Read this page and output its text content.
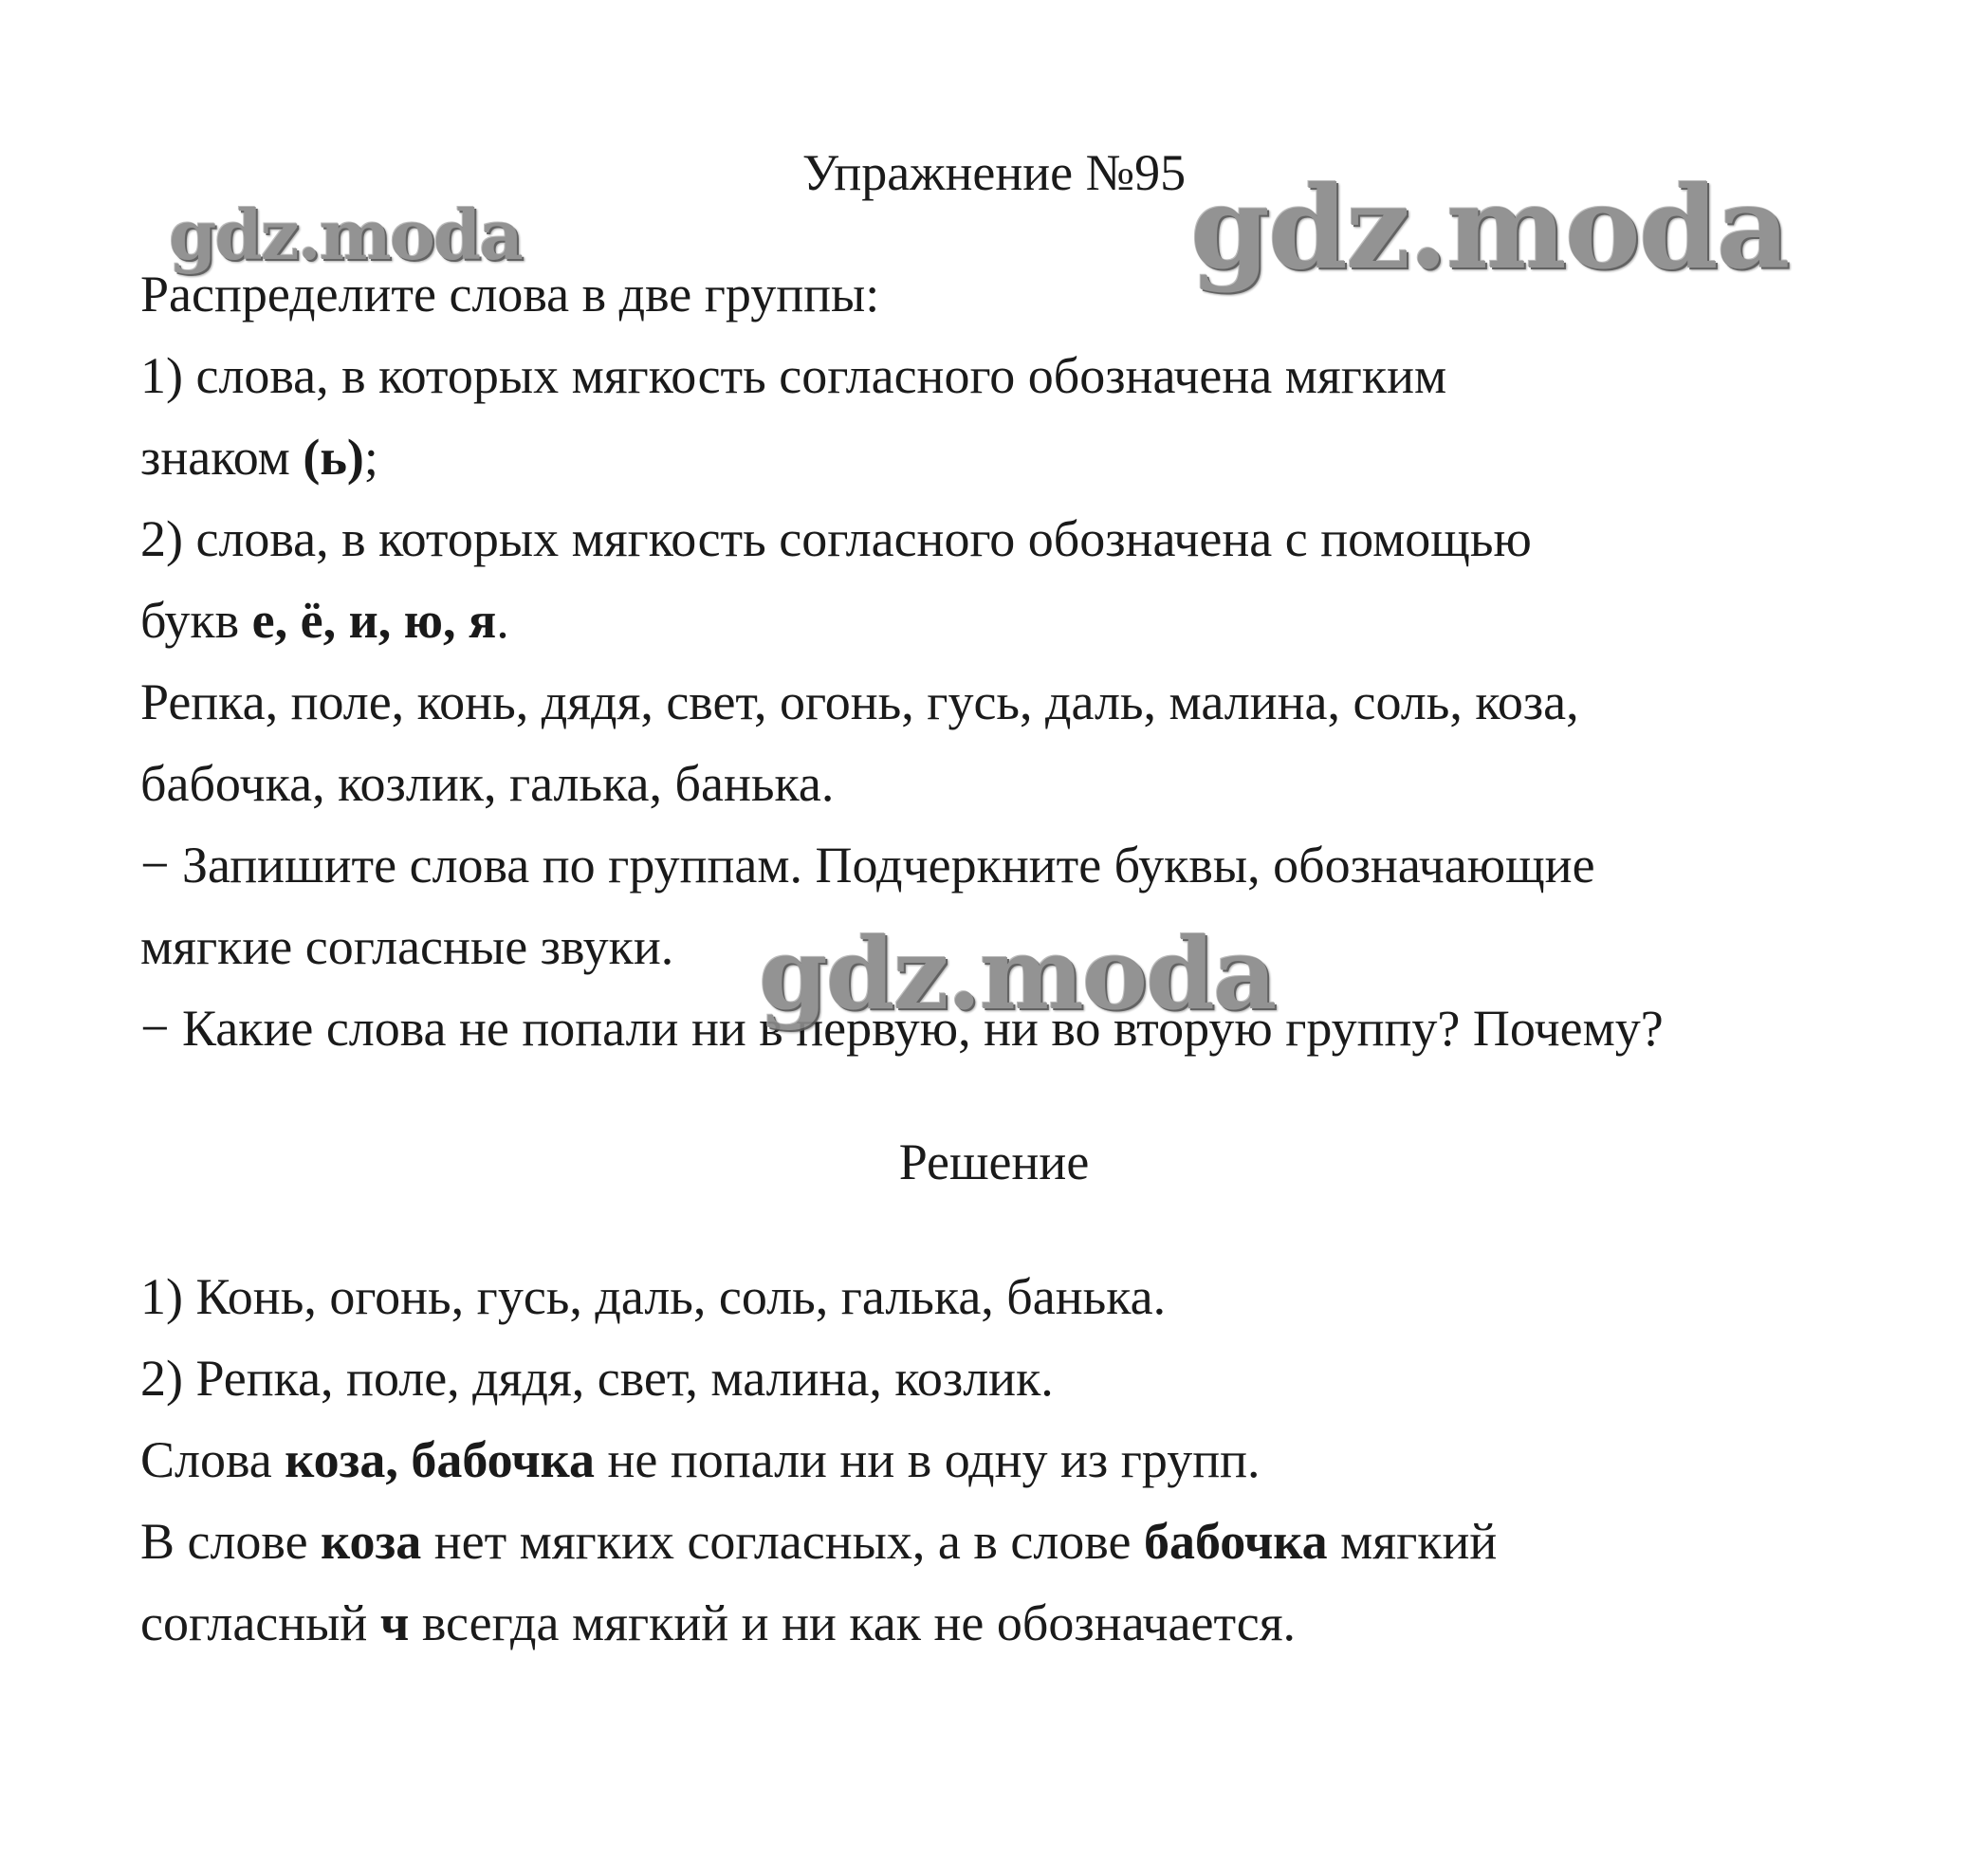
Упражнение №95
Распределите слова в две группы:
1) слова, в которых мягкость согласного обозначена мягким
знаком (ь);
2) слова, в которых мягкость согласного обозначена с помощью
букв е, ё, и, ю, я.
Репка, поле, конь, дядя, свет, огонь, гусь, даль, малина, соль, коза,
бабочка, козлик, галька, банька.
− Запишите слова по группам. Подчеркните буквы, обозначающие
мягкие согласные звуки.
− Какие слова не попали ни в первую, ни во вторую группу? Почему?
Решение
1) Конь, огонь, гусь, даль, соль, галька, банька.
2) Репка, поле, дядя, свет, малина, козлик.
Слова коза, бабочка не попали ни в одну из групп.
В слове коза нет мягких согласных, а в слове бабочка мягкий
согласный ч всегда мягкий и ни как не обозначается.
gdz.moda	gdz.moda
gdz.moda
